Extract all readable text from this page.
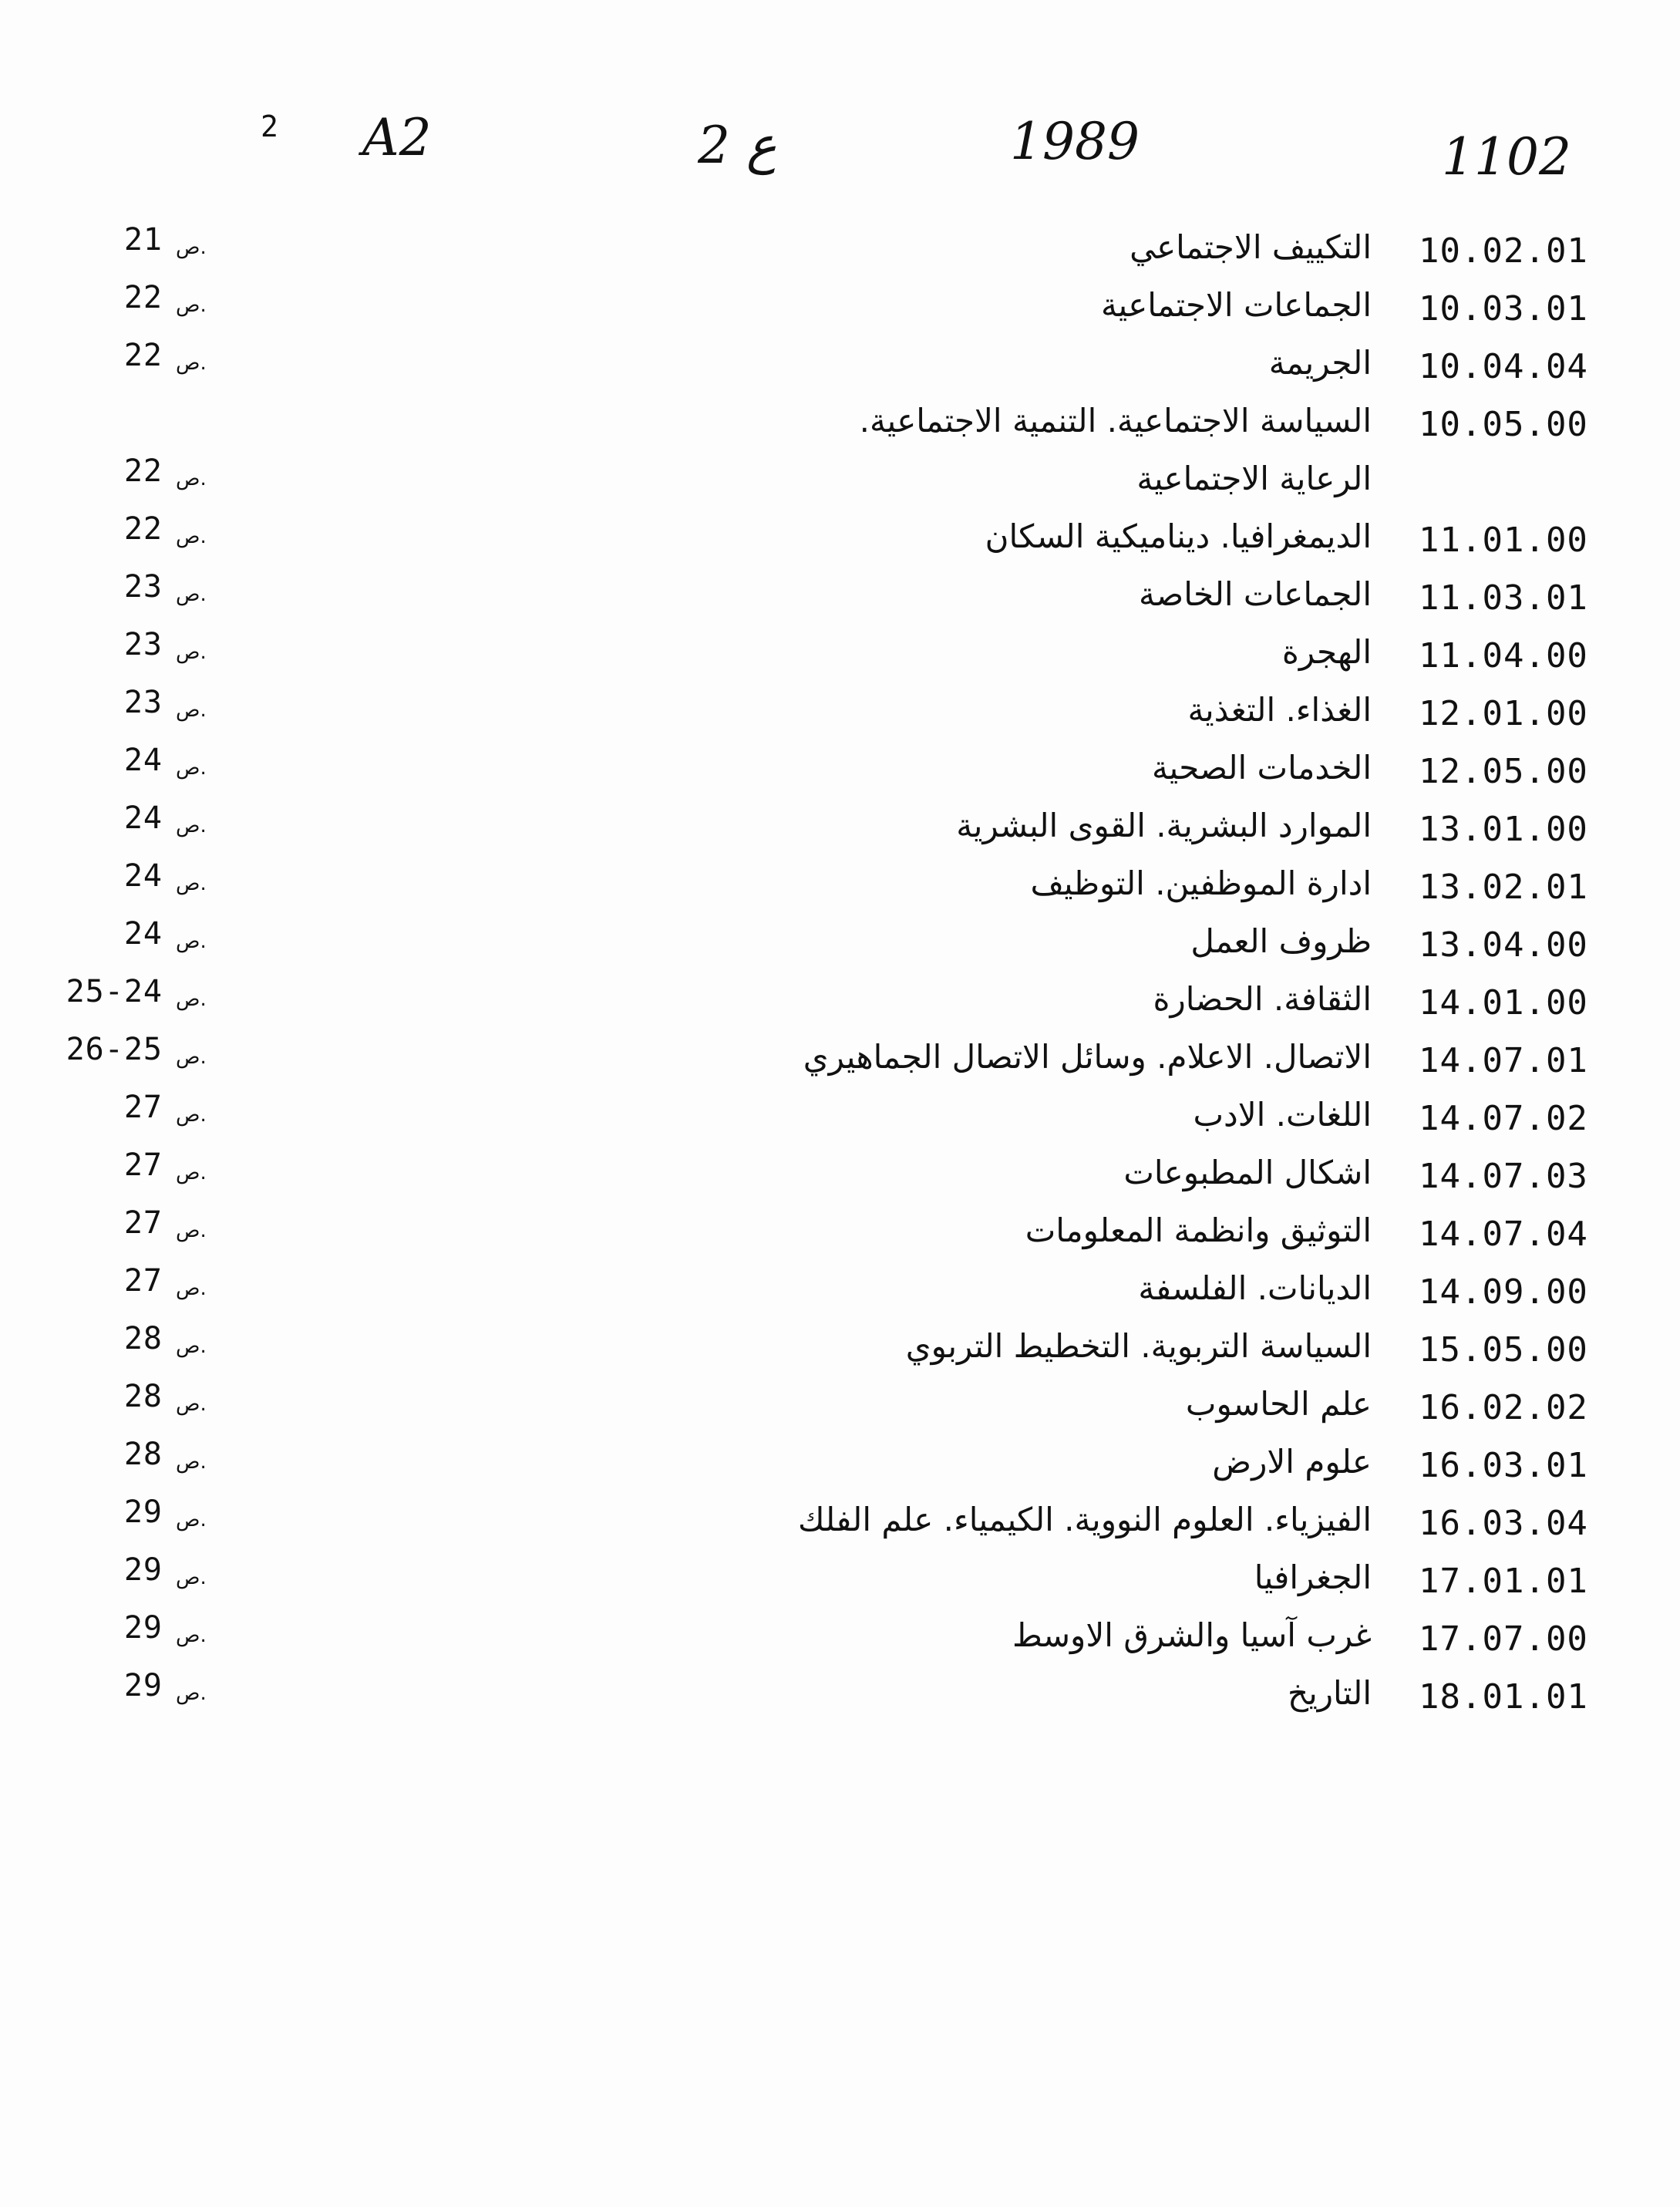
2 A2	ع 2	1989	1102
21 ص.	التكييف الاجتماعي 10.02.01
22 ص.	الجماعات الاجتماعية 10.03.01
22 ص.	الجريمة 10.04.04
السياسة الاجتماعية. التنمية الاجتماعية. 10.05.00
22 ص.	الرعاية الاجتماعية
22 ص.	الديمغرافيا. ديناميكية السكان 11.01.00
23 ص.	الجماعات الخاصة 11.03.01
23 ص.	الهجرة 11.04.00
23 ص.	الغذاء. التغذية 12.01.00
24 ص.	الخدمات الصحية 12.05.00
24 ص.	الموارد البشرية. القوى البشرية 13.01.00
24 ص.	ادارة الموظفين. التوظيف 13.02.01
24 ص.	ظروف العمل 13.04.00
25-24 ص.	الثقافة. الحضارة 14.01.00
26-25 ص.	الاتصال. الاعلام. وسائل الاتصال الجماهيري 14.07.01
27 ص.	اللغات. الادب 14.07.02
27 ص.	اشكال المطبوعات 14.07.03
27 ص.	التوثيق وانظمة المعلومات 14.07.04
27 ص.	الديانات. الفلسفة 14.09.00
28 ص.	السياسة التربوية. التخطيط التربوي 15.05.00
28 ص.	علم الحاسوب 16.02.02
28 ص.	علوم الارض 16.03.01
29 ص.	الفيزياء. العلوم النووية. الكيمياء. علم الفلك 16.03.04
29 ص.	الجغرافيا 17.01.01
29 ص.	غرب آسيا والشرق الاوسط 17.07.00
29 ص.	التاريخ 18.01.01
